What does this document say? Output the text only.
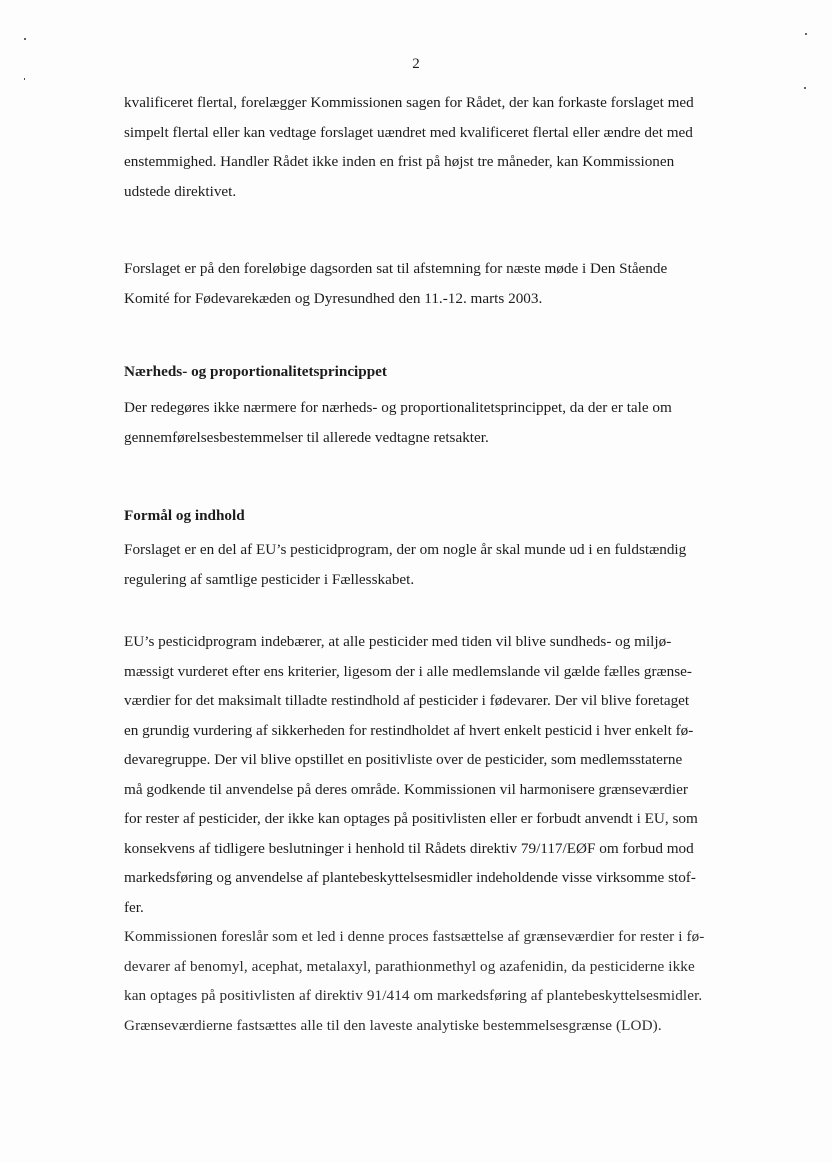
2
kvalificeret flertal, forelægger Kommissionen sagen for Rådet, der kan forkaste forslaget med
simpelt flertal eller kan vedtage forslaget uændret med kvalificeret flertal eller ændre det med
enstemmighed. Handler Rådet ikke inden en frist på højst tre måneder, kan Kommissionen
udstede direktivet.
Forslaget er på den foreløbige dagsorden sat til afstemning for næste møde i Den Stående
Komité for Fødevarekæden og Dyresundhed den 11.-12. marts 2003.
Nærheds- og proportionalitetsprincippet
Der redegøres ikke nærmere for nærheds- og proportionalitetsprincippet, da der er tale om
gennemførelsesbestemmelser til allerede vedtagne retsakter.
Formål og indhold
Forslaget er en del af EU’s pesticidprogram, der om nogle år skal munde ud i en fuldstændig
regulering af samtlige pesticider i Fællesskabet.
EU’s pesticidprogram indebærer, at alle pesticider med tiden vil blive sundheds- og miljø-
mæssigt vurderet efter ens kriterier, ligesom der i alle medlemslande vil gælde fælles grænse-
værdier for det maksimalt tilladte restindhold af pesticider i fødevarer. Der vil blive foretaget
en grundig vurdering af sikkerheden for restindholdet af hvert enkelt pesticid i hver enkelt fø-
devaregruppe. Der vil blive opstillet en positivliste over de pesticider, som medlemsstaterne
må godkende til anvendelse på deres område. Kommissionen vil harmonisere grænseværdier
for rester af pesticider, der ikke kan optages på positivlisten eller er forbudt anvendt i EU, som
konsekvens af tidligere beslutninger i henhold til Rådets direktiv 79/117/EØF om forbud mod
markedsføring og anvendelse af plantebeskyttelsesmidler indeholdende visse virksomme stof-
fer.
Kommissionen foreslår som et led i denne proces fastsættelse af grænseværdier for rester i fø-
devarer af benomyl, acephat, metalaxyl, parathionmethyl og azafenidin, da pesticiderne ikke
kan optages på positivlisten af direktiv 91/414 om markedsføring af plantebeskyttelsesmidler.
Grænseværdierne fastsættes alle til den laveste analytiske bestemmelsesgrænse (LOD).
